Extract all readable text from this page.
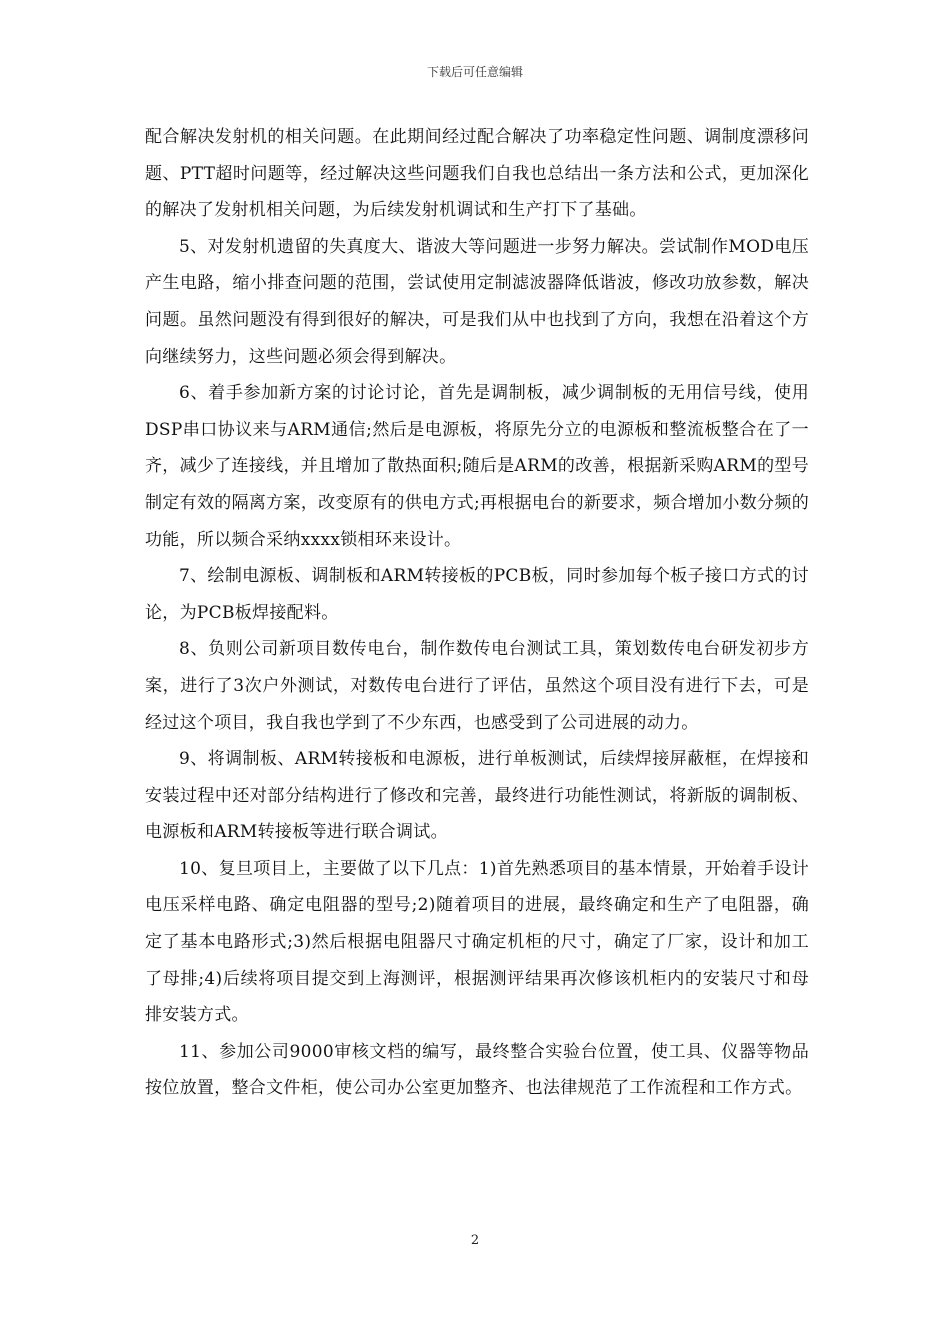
下载后可任意编辑

配合解决发射机的相关问题。在此期间经过配合解决了功率稳定性问题、调制度漂移问题、PTT超时问题等，经过解决这些问题我们自我也总结出一条方法和公式，更加深化的解决了发射机相关问题，为后续发射机调试和生产打下了基础。

5、对发射机遗留的失真度大、谐波大等问题进一步努力解决。尝试制作MOD电压产生电路，缩小排查问题的范围，尝试使用定制滤波器降低谐波，修改功放参数，解决问题。虽然问题没有得到很好的解决，可是我们从中也找到了方向，我想在沿着这个方向继续努力，这些问题必须会得到解决。

6、着手参加新方案的讨论讨论，首先是调制板，减少调制板的无用信号线，使用DSP串口协议来与ARM通信;然后是电源板，将原先分立的电源板和整流板整合在了一齐，减少了连接线，并且增加了散热面积;随后是ARM的改善，根据新采购ARM的型号制定有效的隔离方案，改变原有的供电方式;再根据电台的新要求，频合增加小数分频的功能，所以频合采纳xxxx锁相环来设计。

7、绘制电源板、调制板和ARM转接板的PCB板，同时参加每个板子接口方式的讨论，为PCB板焊接配料。

8、负则公司新项目数传电台，制作数传电台测试工具，策划数传电台研发初步方案，进行了3次户外测试，对数传电台进行了评估，虽然这个项目没有进行下去，可是经过这个项目，我自我也学到了不少东西，也感受到了公司进展的动力。

9、将调制板、ARM转接板和电源板，进行单板测试，后续焊接屏蔽框，在焊接和安装过程中还对部分结构进行了修改和完善，最终进行功能性测试，将新版的调制板、电源板和ARM转接板等进行联合调试。

10、复旦项目上，主要做了以下几点：1)首先熟悉项目的基本情景，开始着手设计电压采样电路、确定电阻器的型号;2)随着项目的进展，最终确定和生产了电阻器，确定了基本电路形式;3)然后根据电阻器尺寸确定机柜的尺寸，确定了厂家，设计和加工了母排;4)后续将项目提交到上海测评，根据测评结果再次修该机柜内的安装尺寸和母排安装方式。

11、参加公司9000审核文档的编写，最终整合实验台位置，使工具、仪器等物品按位放置，整合文件柜，使公司办公室更加整齐、也法律规范了工作流程和工作方式。

2
